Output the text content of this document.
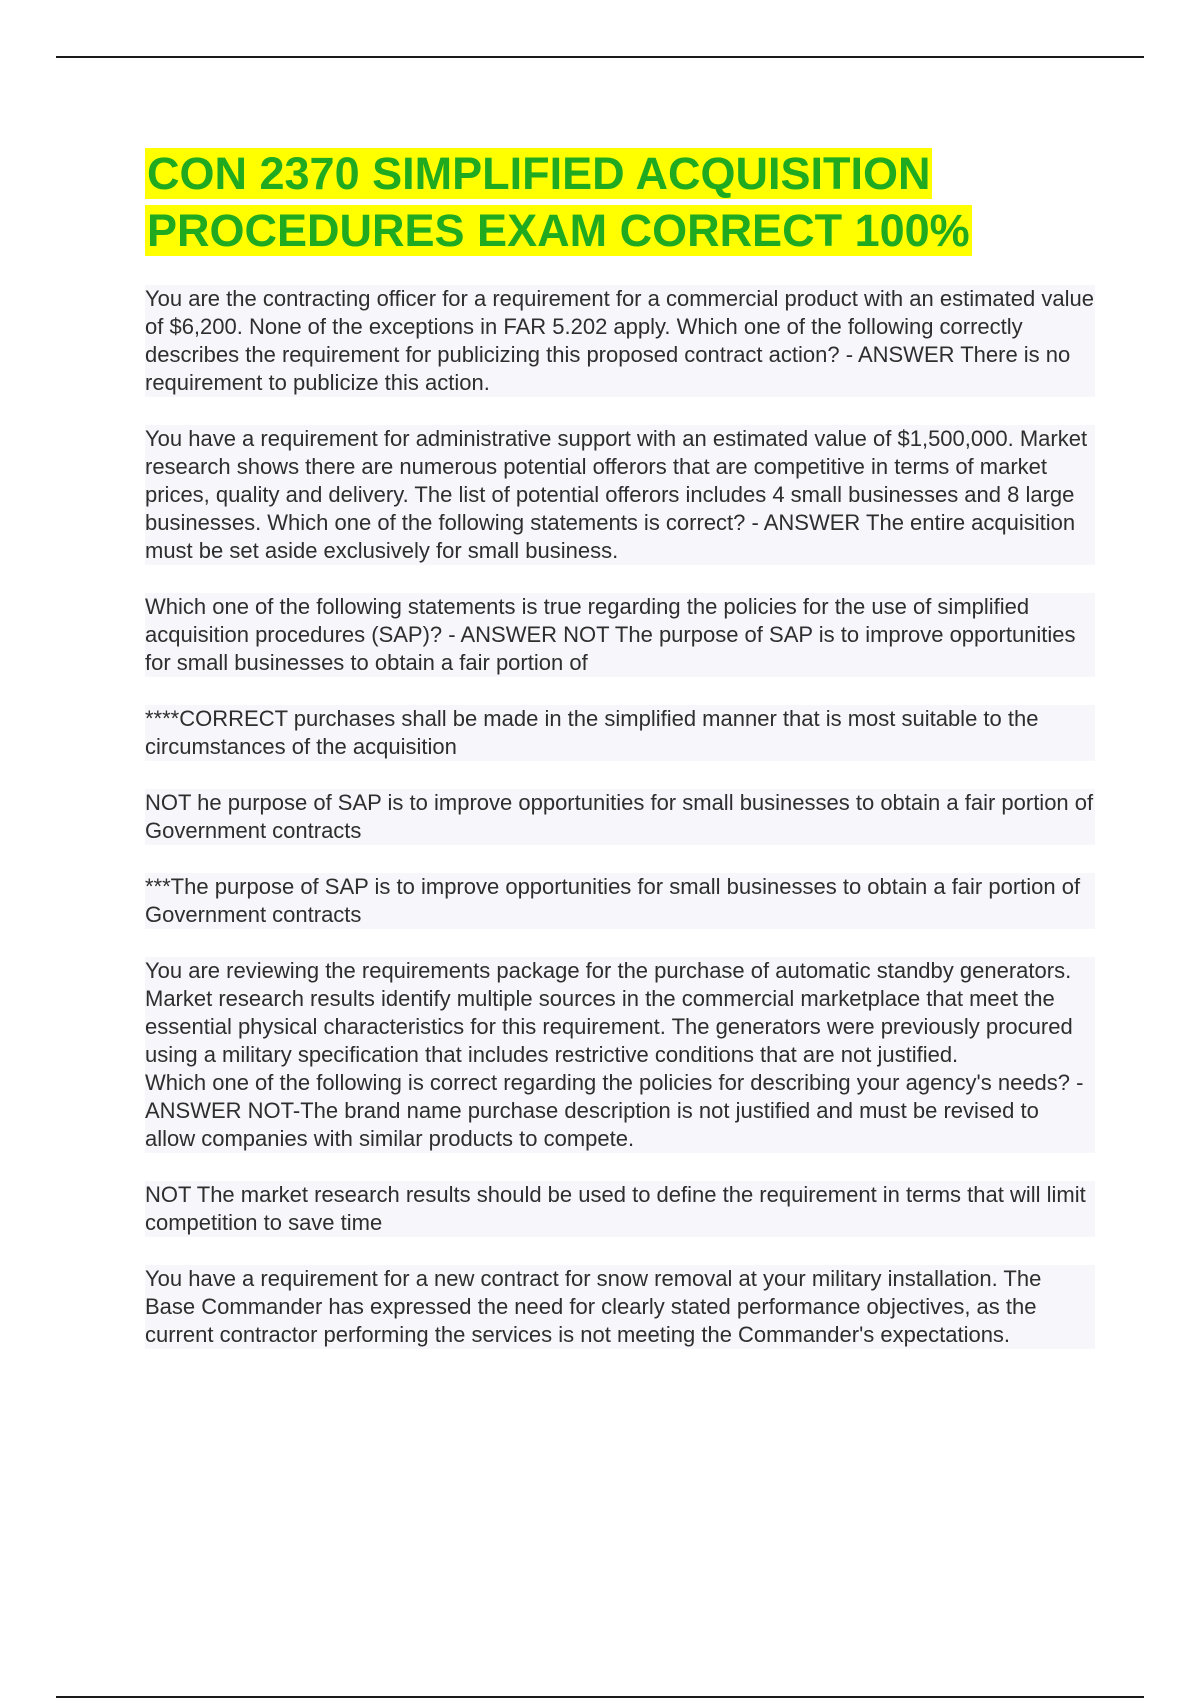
CON 2370 SIMPLIFIED ACQUISITION
PROCEDURES EXAM CORRECT 100%

You are the contracting officer for a requirement for a commercial product with an estimated value of $6,200. None of the exceptions in FAR 5.202 apply. Which one of the following correctly describes the requirement for publicizing this proposed contract action? - ANSWER There is no requirement to publicize this action.

You have a requirement for administrative support with an estimated value of $1,500,000. Market research shows there are numerous potential offerors that are competitive in terms of market prices, quality and delivery. The list of potential offerors includes 4 small businesses and 8 large businesses. Which one of the following statements is correct? - ANSWER The entire acquisition must be set aside exclusively for small business.

Which one of the following statements is true regarding the policies for the use of simplified acquisition procedures (SAP)? - ANSWER NOT The purpose of SAP is to improve opportunities for small businesses to obtain a fair portion of

****CORRECT purchases shall be made in the simplified manner that is most suitable to the circumstances of the acquisition

NOT he purpose of SAP is to improve opportunities for small businesses to obtain a fair portion of Government contracts

***The purpose of SAP is to improve opportunities for small businesses to obtain a fair portion of Government contracts

You are reviewing the requirements package for the purchase of automatic standby generators. Market research results identify multiple sources in the commercial marketplace that meet the essential physical characteristics for this requirement. The generators were previously procured using a military specification that includes restrictive conditions that are not justified.

Which one of the following is correct regarding the policies for describing your agency's needs? - ANSWER NOT-The brand name purchase description is not justified and must be revised to allow companies with similar products to compete.

NOT The market research results should be used to define the requirement in terms that will limit competition to save time

You have a requirement for a new contract for snow removal at your military installation. The Base Commander has expressed the need for clearly stated performance objectives, as the current contractor performing the services is not meeting the Commander's expectations.
